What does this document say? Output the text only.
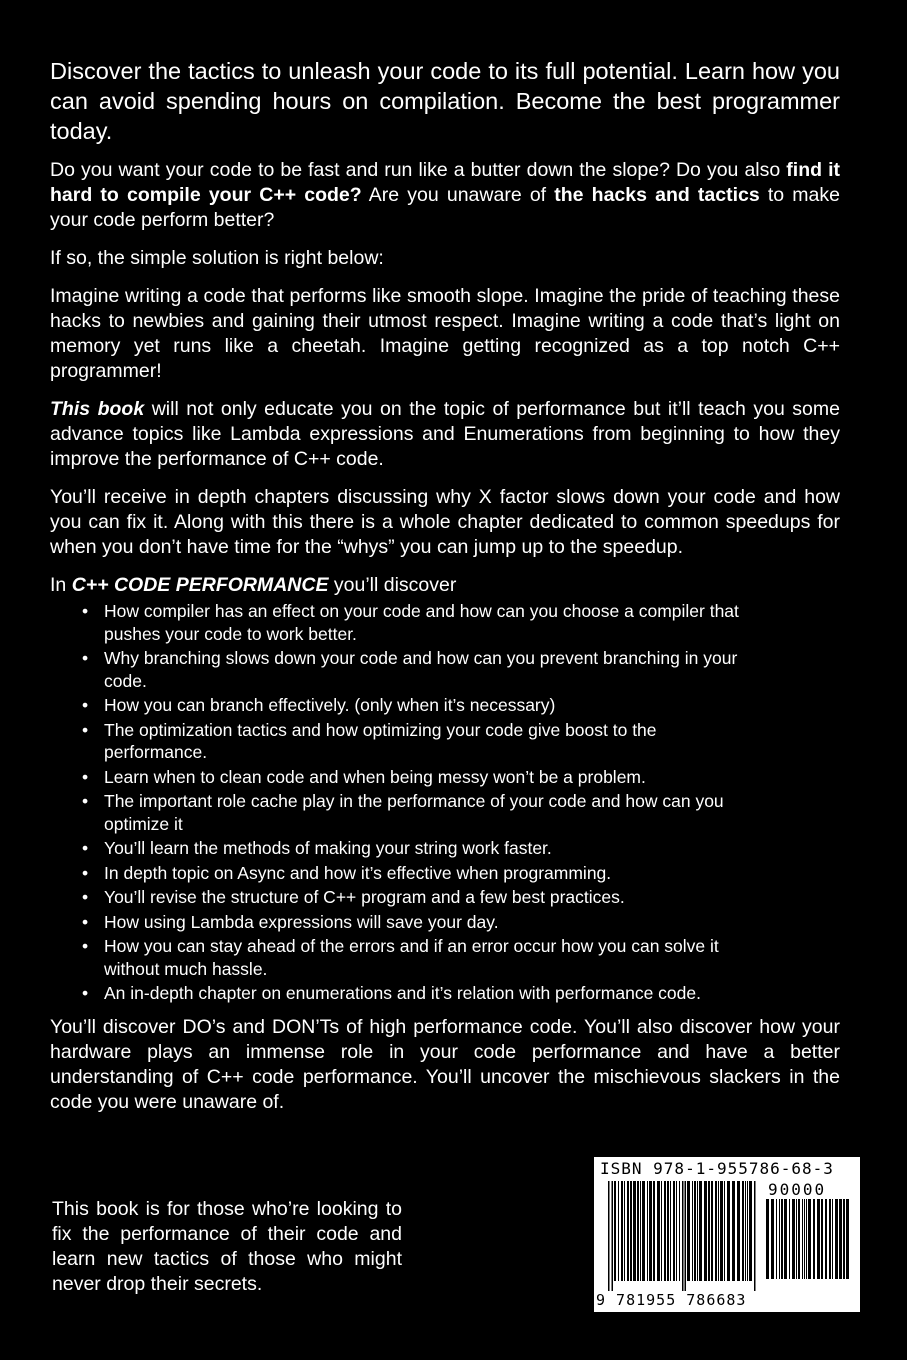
Discover the tactics to unleash your code to its full potential. Learn how you can avoid spending hours on compilation. Become the best programmer today.

Do you want your code to be fast and run like a butter down the slope? Do you also find it hard to compile your C++ code? Are you unaware of the hacks and tactics to make your code perform better?

If so, the simple solution is right below:

Imagine writing a code that performs like smooth slope. Imagine the pride of teaching these hacks to newbies and gaining their utmost respect. Imagine writing a code that’s light on memory yet runs like a cheetah. Imagine getting recognized as a top notch C++ programmer!

This book will not only educate you on the topic of performance but it’ll teach you some advance topics like Lambda expressions and Enumerations from beginning to how they improve the performance of C++ code.

You’ll receive in depth chapters discussing why X factor slows down your code and how you can fix it. Along with this there is a whole chapter dedicated to common speedups for when you don’t have time for the “whys” you can jump up to the speedup.

In C++ CODE PERFORMANCE you’ll discover

• How compiler has an effect on your code and how can you choose a compiler that pushes your code to work better.
• Why branching slows down your code and how can you prevent branching in your code.
• How you can branch effectively. (only when it’s necessary)
• The optimization tactics and how optimizing your code give boost to the performance.
• Learn when to clean code and when being messy won’t be a problem.
• The important role cache play in the performance of your code and how can you optimize it
• You’ll learn the methods of making your string work faster.
• In depth topic on Async and how it’s effective when programming.
• You’ll revise the structure of C++ program and a few best practices.
• How using Lambda expressions will save your day.
• How you can stay ahead of the errors and if an error occur how you can solve it without much hassle.
• An in-depth chapter on enumerations and it’s relation with performance code.

You’ll discover DO’s and DON’Ts of high performance code. You’ll also discover how your hardware plays an immense role in your code performance and have a better understanding of C++ code performance. You’ll uncover the mischievous slackers in the code you were unaware of.

This book is for those who’re looking to fix the performance of their code and learn new tactics of those who might never drop their secrets.

ISBN 978-1-955786-68-3
90000
9 781955 786683
